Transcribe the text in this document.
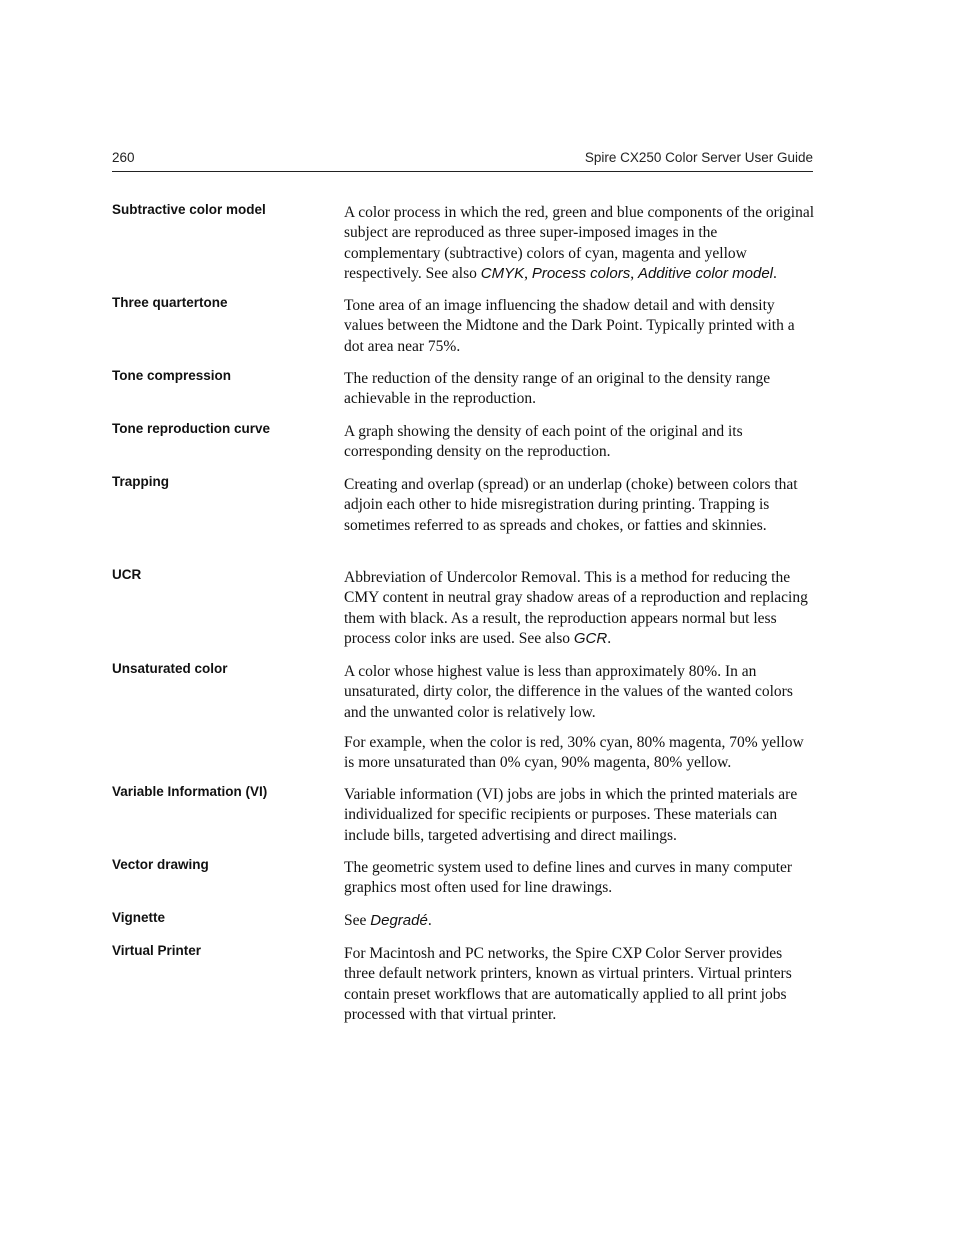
260	Spire CX250 Color Server User Guide
Subtractive color model	A color process in which the red, green and blue components of the original subject are reproduced as three super-imposed images in the complementary (subtractive) colors of cyan, magenta and yellow respectively. See also CMYK, Process colors, Additive color model.

Three quartertone	Tone area of an image influencing the shadow detail and with density values between the Midtone and the Dark Point. Typically printed with a dot area near 75%.

Tone compression	The reduction of the density range of an original to the density range achievable in the reproduction.

Tone reproduction curve	A graph showing the density of each point of the original and its corresponding density on the reproduction.

Trapping	Creating and overlap (spread) or an underlap (choke) between colors that adjoin each other to hide misregistration during printing. Trapping is sometimes referred to as spreads and chokes, or fatties and skinnies.

UCR	Abbreviation of Undercolor Removal. This is a method for reducing the CMY content in neutral gray shadow areas of a reproduction and replacing them with black. As a result, the reproduction appears normal but less process color inks are used. See also GCR.

Unsaturated color	A color whose highest value is less than approximately 80%. In an unsaturated, dirty color, the difference in the values of the wanted colors and the unwanted color is relatively low.

For example, when the color is red, 30% cyan, 80% magenta, 70% yellow is more unsaturated than 0% cyan, 90% magenta, 80% yellow.

Variable Information (VI)	Variable information (VI) jobs are jobs in which the printed materials are individualized for specific recipients or purposes. These materials can include bills, targeted advertising and direct mailings.

Vector drawing	The geometric system used to define lines and curves in many computer graphics most often used for line drawings.

Vignette	See Degradé.

Virtual Printer	For Macintosh and PC networks, the Spire CXP Color Server provides three default network printers, known as virtual printers. Virtual printers contain preset workflows that are automatically applied to all print jobs processed with that virtual printer.
